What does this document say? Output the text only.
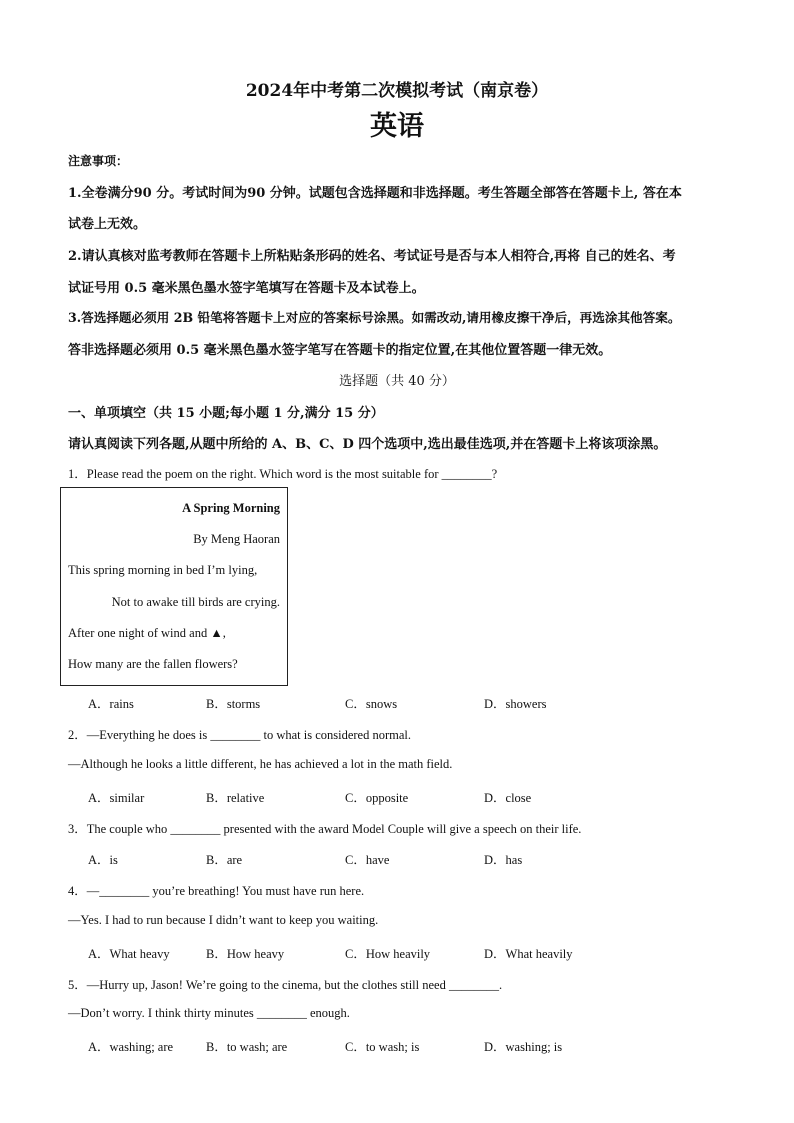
2024年中考第二次模拟考试（南京卷）
英语
注意事项：
1.全卷满分90 分。考试时间为90 分钟。试题包含选择题和非选择题。考生答题全部答在答题卡上, 答在本
试卷上无效。
2.请认真核对监考教师在答题卡上所粘贴条形码的姓名、考试证号是否与本人相符合,再将 自己的姓名、考
试证号用 0.5 毫米黑色墨水签字笔填写在答题卡及本试卷上。
3.答选择题必须用 2B 铅笔将答题卡上对应的答案标号涂黑。如需改动,请用橡皮擦干净后，再选涂其他答案。
答非选择题必须用 0.5 毫米黑色墨水签字笔写在答题卡的指定位置,在其他位置答题一律无效。
选择题（共 40 分）
一、单项填空（共 15 小题;每小题 1 分,满分 15 分）
请认真阅读下列各题,从题中所给的 A、B、C、D 四个选项中,选出最佳选项,并在答题卡上将该项涂黑。
1．Please read the poem on the right. Which word is the most suitable for ________?
A Spring Morning
By Meng Haoran
This spring morning in bed I’m lying,
Not to awake till birds are crying.
After one night of wind and ▲,
How many are the fallen flowers?
A．rains	B．storms	C．snows	D．showers
2．—Everything he does is ________ to what is considered normal.
—Although he looks a little different, he has achieved a lot in the math field.
A．similar	B．relative	C．opposite	D．close
3．The couple who ________ presented with the award Model Couple will give a speech on their life.
A．is	B．are	C．have	D．has
4．—________ you’re breathing! You must have run here.
—Yes. I had to run because I didn’t want to keep you waiting.
A．What heavy	B．How heavy	C．How heavily	D．What heavily
5．—Hurry up, Jason! We’re going to the cinema, but the clothes still need ________.
—Don’t worry. I think thirty minutes ________ enough.
A．washing; are	B．to wash; are	C．to wash; is	D．washing; is
